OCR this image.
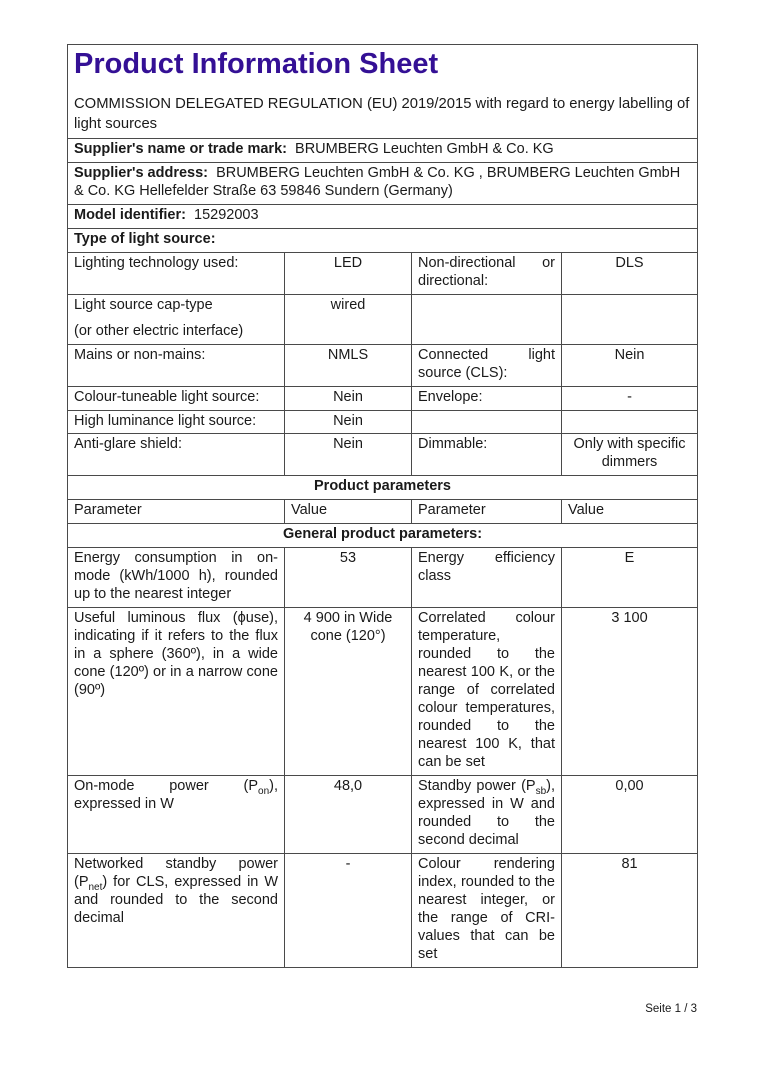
Product Information Sheet
COMMISSION DELEGATED REGULATION (EU) 2019/2015 with regard to energy labelling of light sources			

Supplier's name or trade mark: BRUMBERG Leuchten GmbH & Co. KG			
Supplier's address: BRUMBERG Leuchten GmbH & Co. KG , BRUMBERG Leuchten GmbH & Co. KG Hellefelder Straße 63 59846 Sundern (Germany)			
Model identifier: 15292003			
Type of light source:			
Lighting technology used:	LED	Non-directional or directional:	DLS

Light source cap-type
(or other electric interface)	wired		
Mains or non-mains:	NMLS	Connected light source (CLS):	Nein
Colour-tuneable light source:	Nein	Envelope:	-
High luminance light source:	Nein		
Anti-glare shield:	Nein	Dimmable:	Only with specific dimmers
Product parameters			
Parameter	Value	Parameter	Value
General product parameters:			
Energy consumption in on-mode (kWh/1000 h), rounded up to the nearest integer	53	Energy efficiency class	E
Useful luminous flux (ϕuse), indicating if it refers to the flux in a sphere (360º), in a wide cone (120º) or in a narrow cone (90º)	4 900 in Wide cone (120°)	Correlated colour temperature, rounded to the nearest 100 K, or the range of correlated colour temperatures, rounded to the nearest 100 K, that can be set	3 100
On-mode power $(P_{on})$, expressed in W	48,0	Standby power $(P_{sb})$, expressed in W and rounded to the second decimal	0,00
Networked standby power $(P_{net})$ for CLS, expressed in W and rounded to the second decimal	-	Colour rendering index, rounded to the nearest integer, or the range of CRI-values that can be set	81
Seite 1 / 3
